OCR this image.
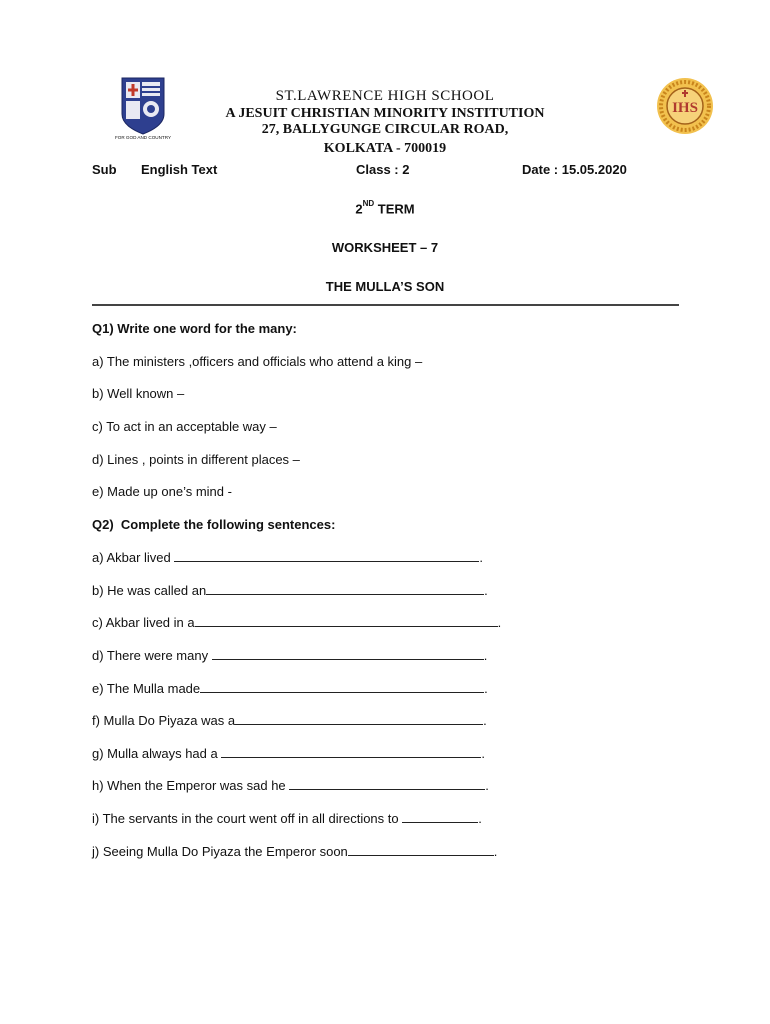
FOR GOD AND COUNTRY
IHS
ST.LAWRENCE HIGH SCHOOL
A JESUIT CHRISTIAN MINORITY INSTITUTION
27, BALLYGUNGE CIRCULAR ROAD,
KOLKATA - 700019
Sub English Text	Class : 2	Date : 15.05.2020
2ND TERM
WORKSHEET – 7
THE MULLA’S SON
Q1) Write one word for the many:
a) The ministers ,officers and officials who attend a king –
b) Well known –
c) To act in an acceptable way –
d) Lines , points in different places –
e) Made up one’s mind -
Q2)  Complete the following sentences:
a) Akbar lived	.
b) He was called an	.
c) Akbar lived in a	.
d) There were many	.
e) The Mulla made	.
f) Mulla Do Piyaza was a	.
g) Mulla always had a	.
h) When the Emperor was sad he	.
i) The servants in the court went off in all directions to	.
j) Seeing Mulla Do Piyaza the Emperor soon	.
